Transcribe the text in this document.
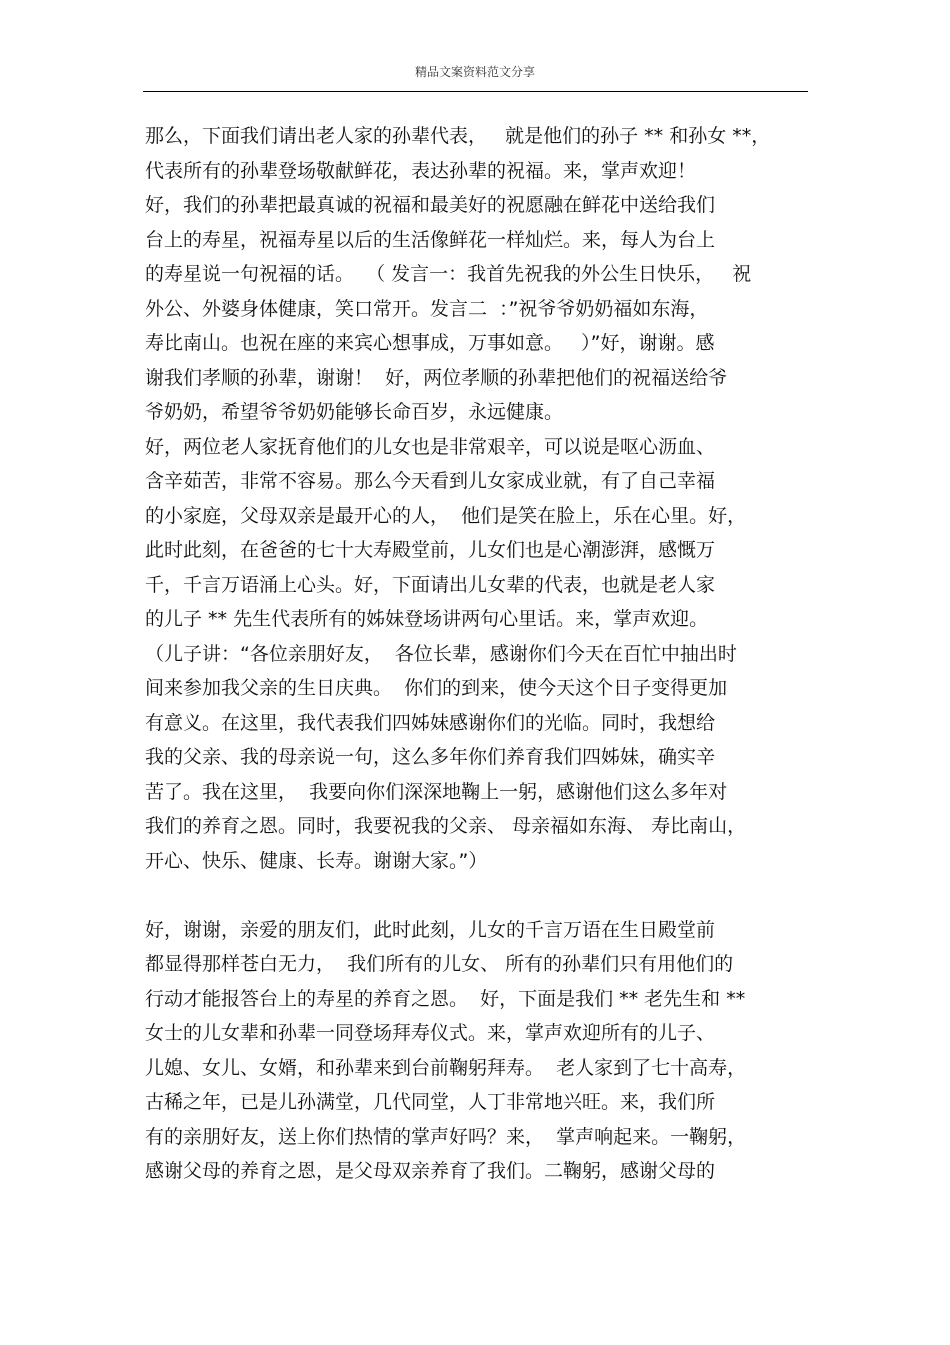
精品文案资料范文分享
那么，下面我们请出老人家的孙辈代表，   就是他们的孙子 ** 和孙女 **，
代表所有的孙辈登场敬献鲜花，表达孙辈的祝福。来，掌声欢迎！
好，我们的孙辈把最真诚的祝福和最美好的祝愿融在鲜花中送给我们
台上的寿星，祝福寿星以后的生活像鲜花一样灿烂。来，每人为台上
的寿星说一句祝福的话。  （ 发言一：我首先祝我的外公生日快乐，   祝
外公、外婆身体健康，笑口常开。发言二  ：”祝爷爷奶奶福如东海，
寿比南山。也祝在座的来宾心想事成，万事如意。   ）”好，谢谢。感
谢我们孝顺的孙辈，谢谢！  好，两位孝顺的孙辈把他们的祝福送给爷
爷奶奶，希望爷爷奶奶能够长命百岁，永远健康。
好，两位老人家抚育他们的儿女也是非常艰辛，可以说是呕心沥血、
含辛茹苦，非常不容易。那么今天看到儿女家成业就，有了自己幸福
的小家庭，父母双亲是最开心的人，  他们是笑在脸上，乐在心里。好，
此时此刻，在爸爸的七十大寿殿堂前，儿女们也是心潮澎湃，感慨万
千，千言万语涌上心头。好，下面请出儿女辈的代表，也就是老人家
的儿子 ** 先生代表所有的姊妹登场讲两句心里话。来，掌声欢迎。
（儿子讲：“各位亲朋好友，  各位长辈，感谢你们今天在百忙中抽出时
间来参加我父亲的生日庆典。  你们的到来，使今天这个日子变得更加
有意义。在这里，我代表我们四姊妹感谢你们的光临。同时，我想给
我的父亲、我的母亲说一句，这么多年你们养育我们四姊妹，确实辛
苦了。我在这里，  我要向你们深深地鞠上一躬，感谢他们这么多年对
我们的养育之恩。同时，我要祝我的父亲、 母亲福如东海、 寿比南山，
开心、快乐、健康、长寿。谢谢大家。”）
好，谢谢，亲爱的朋友们，此时此刻，儿女的千言万语在生日殿堂前
都显得那样苍白无力，  我们所有的儿女、 所有的孙辈们只有用他们的
行动才能报答台上的寿星的养育之恩。  好，下面是我们 ** 老先生和 **
女士的儿女辈和孙辈一同登场拜寿仪式。来，掌声欢迎所有的儿子、
儿媳、女儿、女婿，和孙辈来到台前鞠躬拜寿。  老人家到了七十高寿，
古稀之年，已是儿孙满堂，几代同堂，人丁非常地兴旺。来，我们所
有的亲朋好友，送上你们热情的掌声好吗？来，  掌声响起来。一鞠躬，
感谢父母的养育之恩，是父母双亲养育了我们。二鞠躬，感谢父母的
